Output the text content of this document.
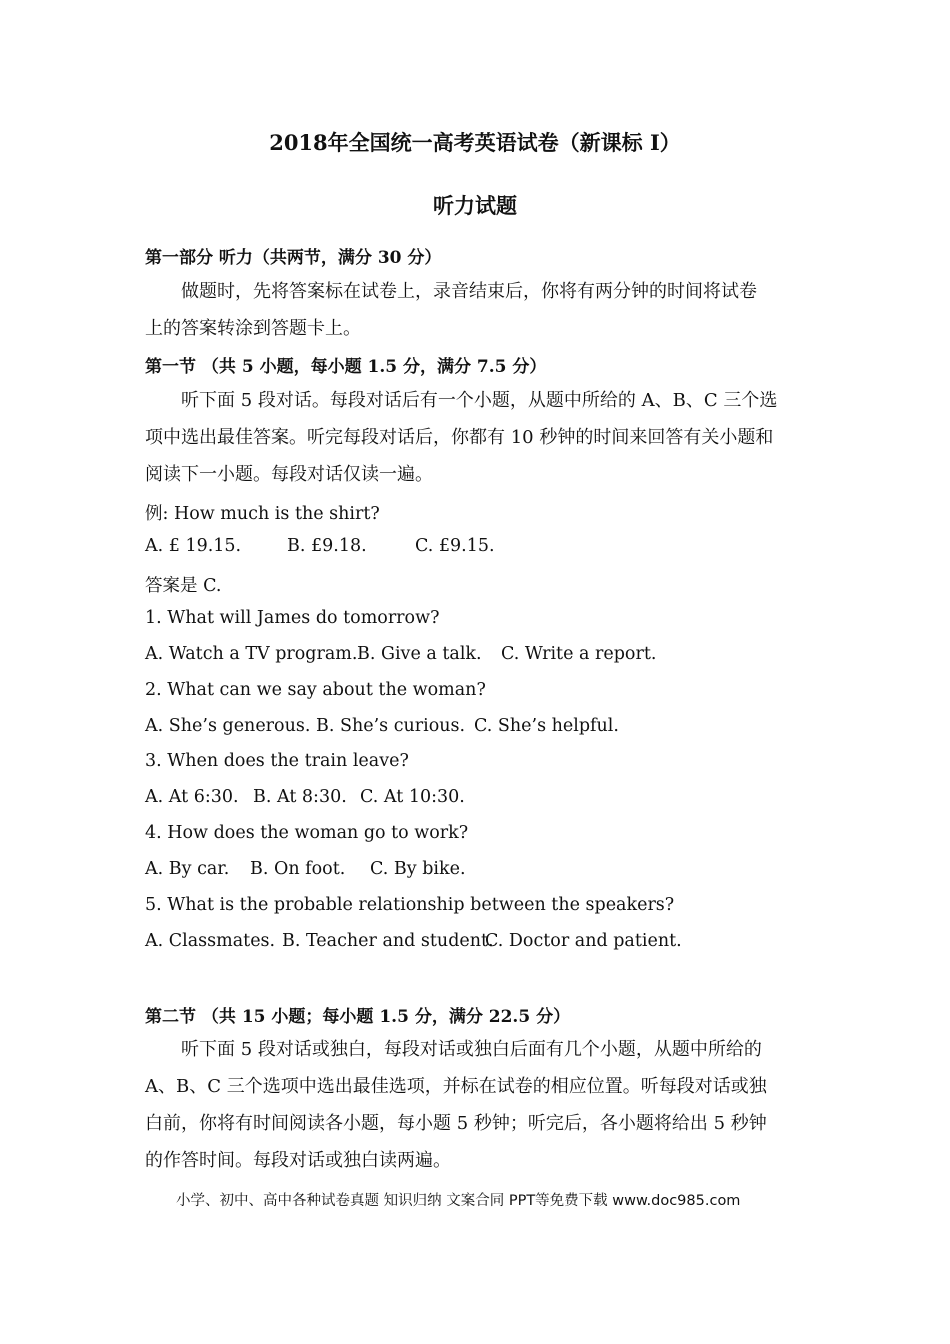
2018年全国统一高考英语试卷（新课标 I）
听力试题
第一部分 听力（共两节，满分 30 分）
做题时，先将答案标在试卷上，录音结束后，你将有两分钟的时间将试卷
上的答案转涂到答题卡上。
第一节 （共 5 小题，每小题 1.5 分，满分 7.5 分）
听下面 5 段对话。每段对话后有一个小题，从题中所给的 A、B、C 三个选
项中选出最佳答案。听完每段对话后，你都有 10 秒钟的时间来回答有关小题和
阅读下一小题。每段对话仅读一遍。
例: How much is the shirt?
A. £ 19.15.	B. £9.18.	C. £9.15.
答案是 C.
1. What will James do tomorrow?
A. Watch a TV program.B. Give a talk. C. Write a report.
2. What can we say about the woman?
A. She’s generous. B. She’s curious. C. She’s helpful.
3. When does the train leave?
A. At 6:30. B. At 8:30. C. At 10:30.
4. How does the woman go to work?
A. By car. B. On foot. C. By bike.
5. What is the probable relationship between the speakers?
A. Classmates. B. Teacher and student.C. Doctor and patient.
第二节 （共 15 小题；每小题 1.5 分，满分 22.5 分）
听下面 5 段对话或独白，每段对话或独白后面有几个小题，从题中所给的
A、B、C 三个选项中选出最佳选项，并标在试卷的相应位置。听每段对话或独
白前，你将有时间阅读各小题，每小题 5 秒钟；听完后，各小题将给出 5 秒钟
的作答时间。每段对话或独白读两遍。
小学、初中、高中各种试卷真题 知识归纳 文案合同 PPT等免费下载 www.doc985.com
